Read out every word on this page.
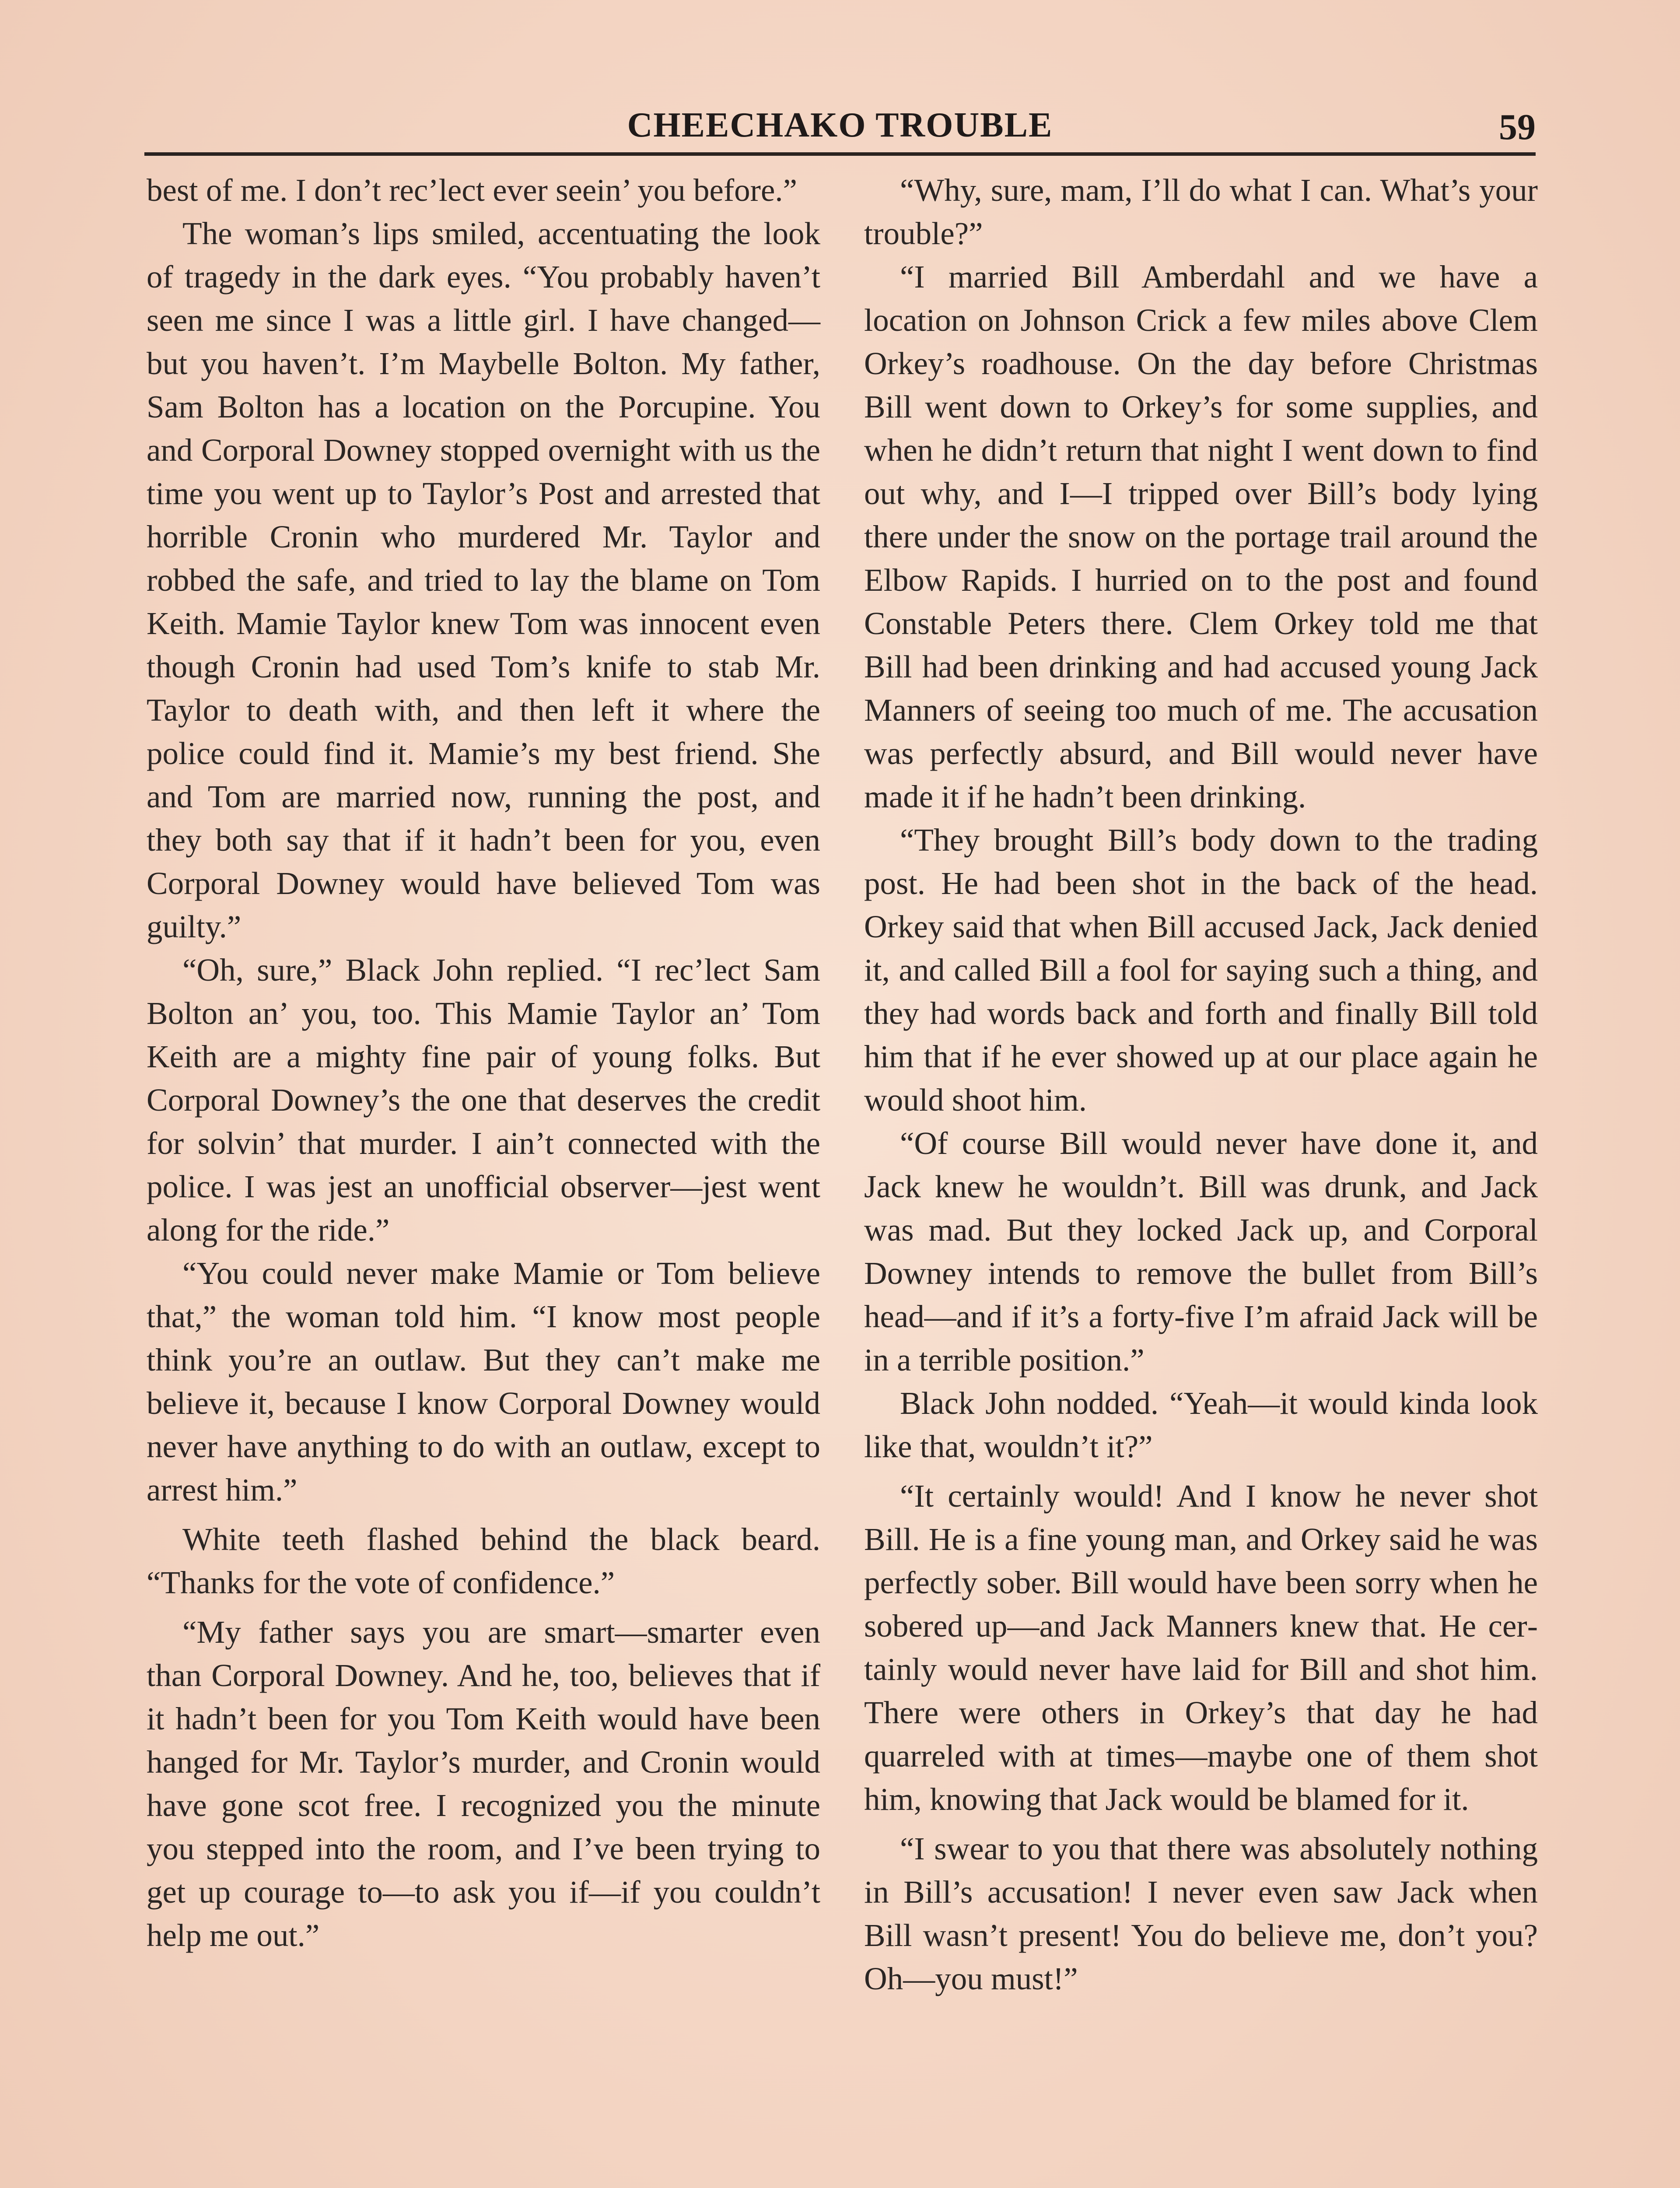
CHEECHAKO TROUBLE	59

best of me. I don’t rec’lect ever seein’ you before.”

The woman’s lips smiled, accentuating the look of tragedy in the dark eyes. “You probably haven’t seen me since I was a little girl. I have changed—but you haven’t. I’m Maybelle Bolton. My father, Sam Bolton has a location on the Porcupine. You and Corporal Downey stopped overnight with us the time you went up to Taylor’s Post and arrested that horrible Cronin who murdered Mr. Taylor and robbed the safe, and tried to lay the blame on Tom Keith. Mamie Taylor knew Tom was innocent even though Cronin had used Tom’s knife to stab Mr. Taylor to death with, and then left it where the police could find it. Mamie’s my best friend. She and Tom are married now, running the post, and they both say that if it hadn’t been for you, even Corporal Downey would have believed Tom was guilty.”

“Oh, sure,” Black John replied. “I rec’lect Sam Bolton an’ you, too. This Mamie Taylor an’ Tom Keith are a mighty fine pair of young folks. But Corporal Downey’s the one that deserves the credit for solvin’ that murder. I ain’t connected with the police. I was jest an unofficial observer—jest went along for the ride.”

“You could never make Mamie or Tom believe that,” the woman told him. “I know most people think you’re an outlaw. But they can’t make me believe it, because I know Corporal Downey would never have anything to do with an outlaw, except to arrest him.”

White teeth flashed behind the black beard. “Thanks for the vote of confidence.”

“My father says you are smart—smarter even than Corporal Downey. And he, too, believes that if it hadn’t been for you Tom Keith would have been hanged for Mr. Taylor’s murder, and Cronin would have gone scot free. I recognized you the minute you stepped into the room, and I’ve been trying to get up courage to—to ask you if—if you couldn’t help me out.”

“Why, sure, mam, I’ll do what I can. What’s your trouble?”

“I married Bill Amberdahl and we have a location on Johnson Crick a few miles above Clem Orkey’s roadhouse. On the day before Christmas Bill went down to Orkey’s for some supplies, and when he didn’t return that night I went down to find out why, and I—I tripped over Bill’s body lying there under the snow on the portage trail around the Elbow Rapids. I hurried on to the post and found Constable Peters there. Clem Orkey told me that Bill had been drinking and had accused young Jack Manners of seeing too much of me. The accusation was perfectly absurd, and Bill would never have made it if he hadn’t been drinking.

“They brought Bill’s body down to the trading post. He had been shot in the back of the head. Orkey said that when Bill accused Jack, Jack denied it, and called Bill a fool for saying such a thing, and they had words back and forth and finally Bill told him that if he ever showed up at our place again he would shoot him.

“Of course Bill would never have done it, and Jack knew he wouldn’t. Bill was drunk, and Jack was mad. But they locked Jack up, and Corporal Downey intends to remove the bullet from Bill’s head—and if it’s a forty-five I’m afraid Jack will be in a terrible position.”

Black John nodded. “Yeah—it would kinda look like that, wouldn’t it?”

“It certainly would! And I know he never shot Bill. He is a fine young man, and Orkey said he was perfectly sober. Bill would have been sorry when he sobered up—and Jack Manners knew that. He certainly would never have laid for Bill and shot him. There were others in Orkey’s that day he had quarreled with at times—maybe one of them shot him, knowing that Jack would be blamed for it.

“I swear to you that there was absolutely nothing in Bill’s accusation! I never even saw Jack when Bill wasn’t present! You do believe me, don’t you? Oh—you must!”
